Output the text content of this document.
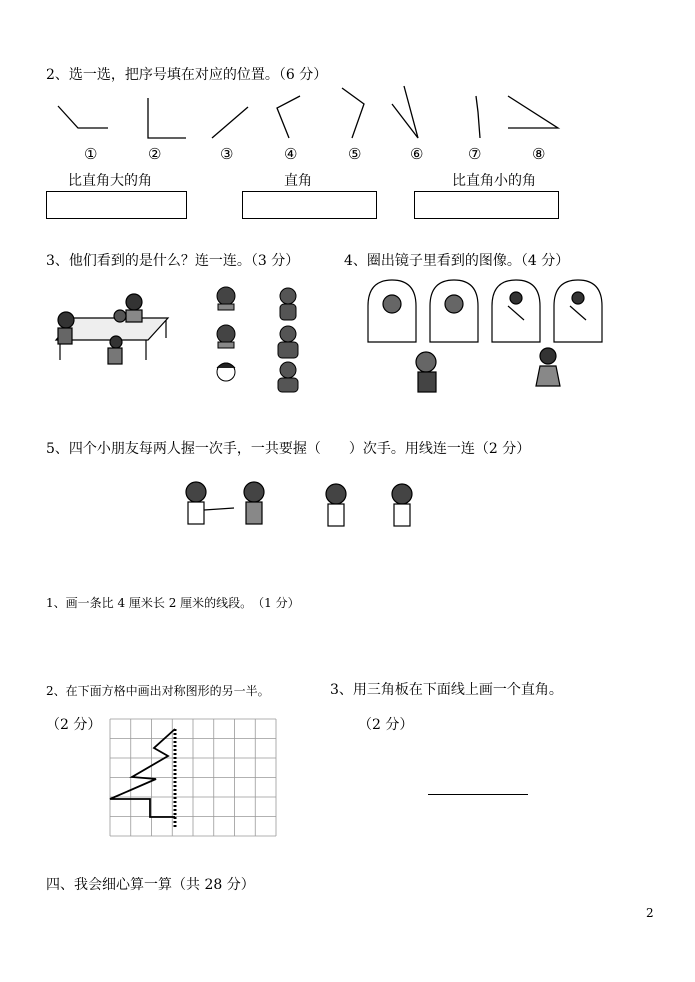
2、选一选，把序号填在对应的位置。（6 分）
①	②	③	④	⑤	⑥	⑦	⑧
比直角大的角	直角	比直角小的角
3、他们看到的是什么？连一连。（3 分）	4、圈出镜子里看到的图像。（4 分）
5、四个小朋友每两人握一次手，一共要握（　　）次手。用线连一连（2 分）
1、画一条比 4 厘米长 2 厘米的线段。　（1 分）
2、在下面方格中画出对称图形的另一半。	3、用三角板在下面线上画一个直角。
（2 分）	（2 分）
四、我会细心算一算（共 28 分）
2
